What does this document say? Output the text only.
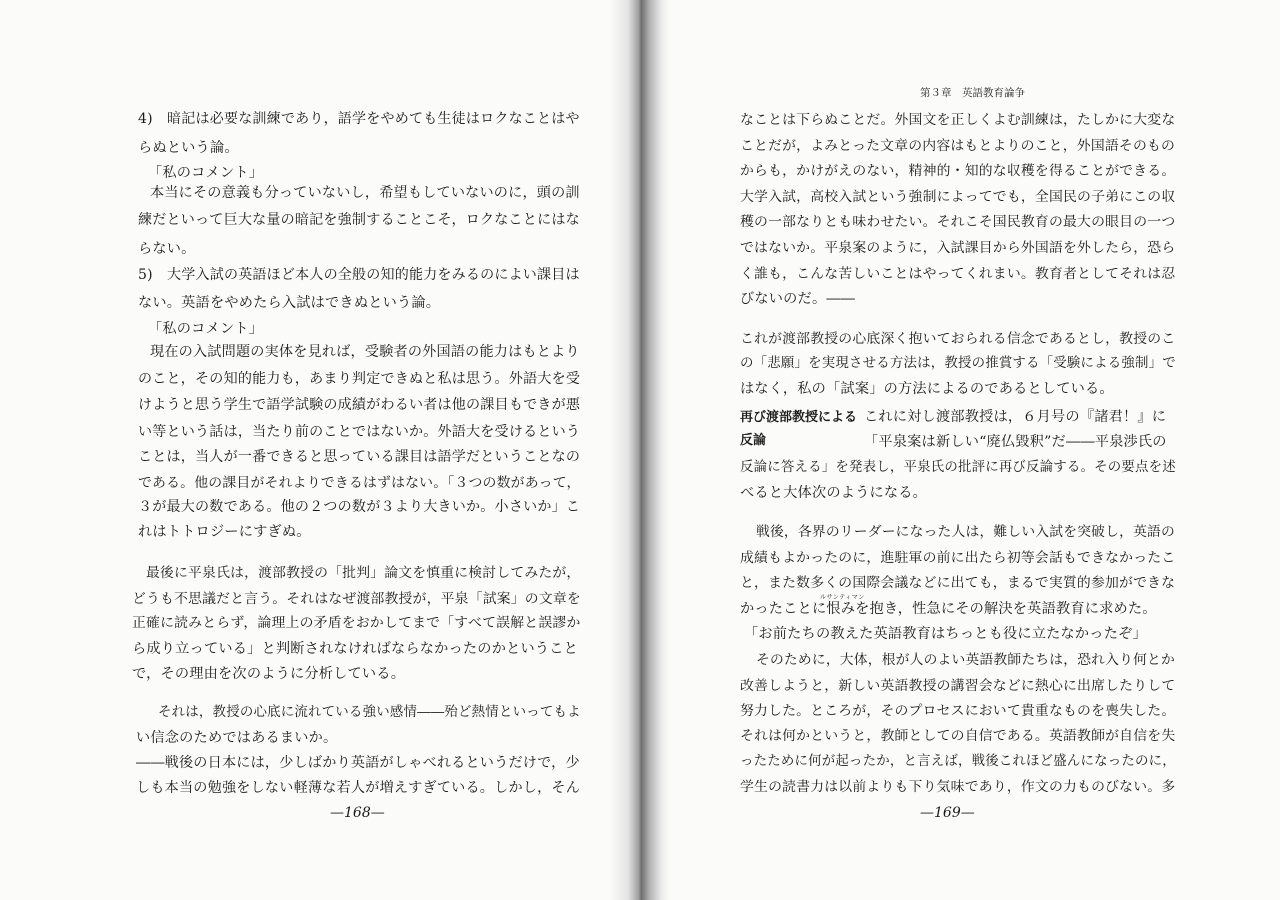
4)　暗記は必要な訓練であり，語学をやめても生徒はロクなことはや
らぬという論。
「私のコメント」
本当にその意義も分っていないし，希望もしていないのに，頭の訓
練だといって巨大な量の暗記を強制することこそ，ロクなことにはな
らない。
5)　大学入試の英語ほど本人の全般の知的能力をみるのによい課目は
ない。英語をやめたら入試はできぬという論。
「私のコメント」
現在の入試問題の実体を見れば，受験者の外国語の能力はもとより
のこと，その知的能力も，あまり判定できぬと私は思う。外語大を受
けようと思う学生で語学試験の成績がわるい者は他の課目もできが悪
い等という話は，当たり前のことではないか。外語大を受けるという
ことは，当人が一番できると思っている課目は語学だということなの
である。他の課目がそれよりできるはずはない。「３つの数があって，
３が最大の数である。他の２つの数が３より大きいか。小さいか」こ
れはトトロジーにすぎぬ。
最後に平泉氏は，渡部教授の「批判」論文を慎重に検討してみたが，
どうも不思議だと言う。それはなぜ渡部教授が，平泉「試案」の文章を
正確に読みとらず，論理上の矛盾をおかしてまで「すべて誤解と誤謬か
ら成り立っている」と判断されなければならなかったのかということ
で，その理由を次のように分析している。
それは，教授の心底に流れている強い感情――殆ど熱情といってもよ
い信念のためではあるまいか。
――戦後の日本には，少しばかり英語がしゃべれるというだけで，少
しも本当の勉強をしない軽薄な若人が増えすぎている。しかし，そん
—168—
第３章　英語教育論争
なことは下らぬことだ。外国文を正しくよむ訓練は，たしかに大変な
ことだが，よみとった文章の内容はもとよりのこと，外国語そのもの
からも，かけがえのない，精神的・知的な収穫を得ることができる。
大学入試，高校入試という強制によってでも，全国民の子弟にこの収
穫の一部なりとも味わせたい。それこそ国民教育の最大の眼目の一つ
ではないか。平泉案のように，入試課目から外国語を外したら，恐ら
く誰も，こんな苦しいことはやってくれまい。教育者としてそれは忍
びないのだ。――
これが渡部教授の心底深く抱いておられる信念であるとし，教授のこ
の「悲願」を実現させる方法は，教授の推賞する「受験による強制」で
はなく，私の「試案」の方法によるのであるとしている。
再び渡部教授による
反論
これに対し渡部教授は，６月号の『諸君！』に
「平泉案は新しい“廃仏毀釈”だ――平泉渉氏の
反論に答える」を発表し，平泉氏の批評に再び反論する。その要点を述
べると大体次のようになる。
戦後，各界のリーダーになった人は，難しい入試を突破し，英語の
成績もよかったのに，進駐軍の前に出たら初等会話もできなかったこ
と，また数多くの国際会議などに出ても，まるで実質的参加ができな
ルサンティマン
かったことに恨みを抱き，性急にその解決を英語教育に求めた。
「お前たちの教えた英語教育はちっとも役に立たなかったぞ」
そのために，大体，根が人のよい英語教師たちは，恐れ入り何とか
改善しようと，新しい英語教授の講習会などに熱心に出席したりして
努力した。ところが，そのプロセスにおいて貴重なものを喪失した。
それは何かというと，教師としての自信である。英語教師が自信を失
ったために何が起ったか，と言えば，戦後これほど盛んになったのに，
学生の読書力は以前よりも下り気味であり，作文の力ものびない。多
—169—
